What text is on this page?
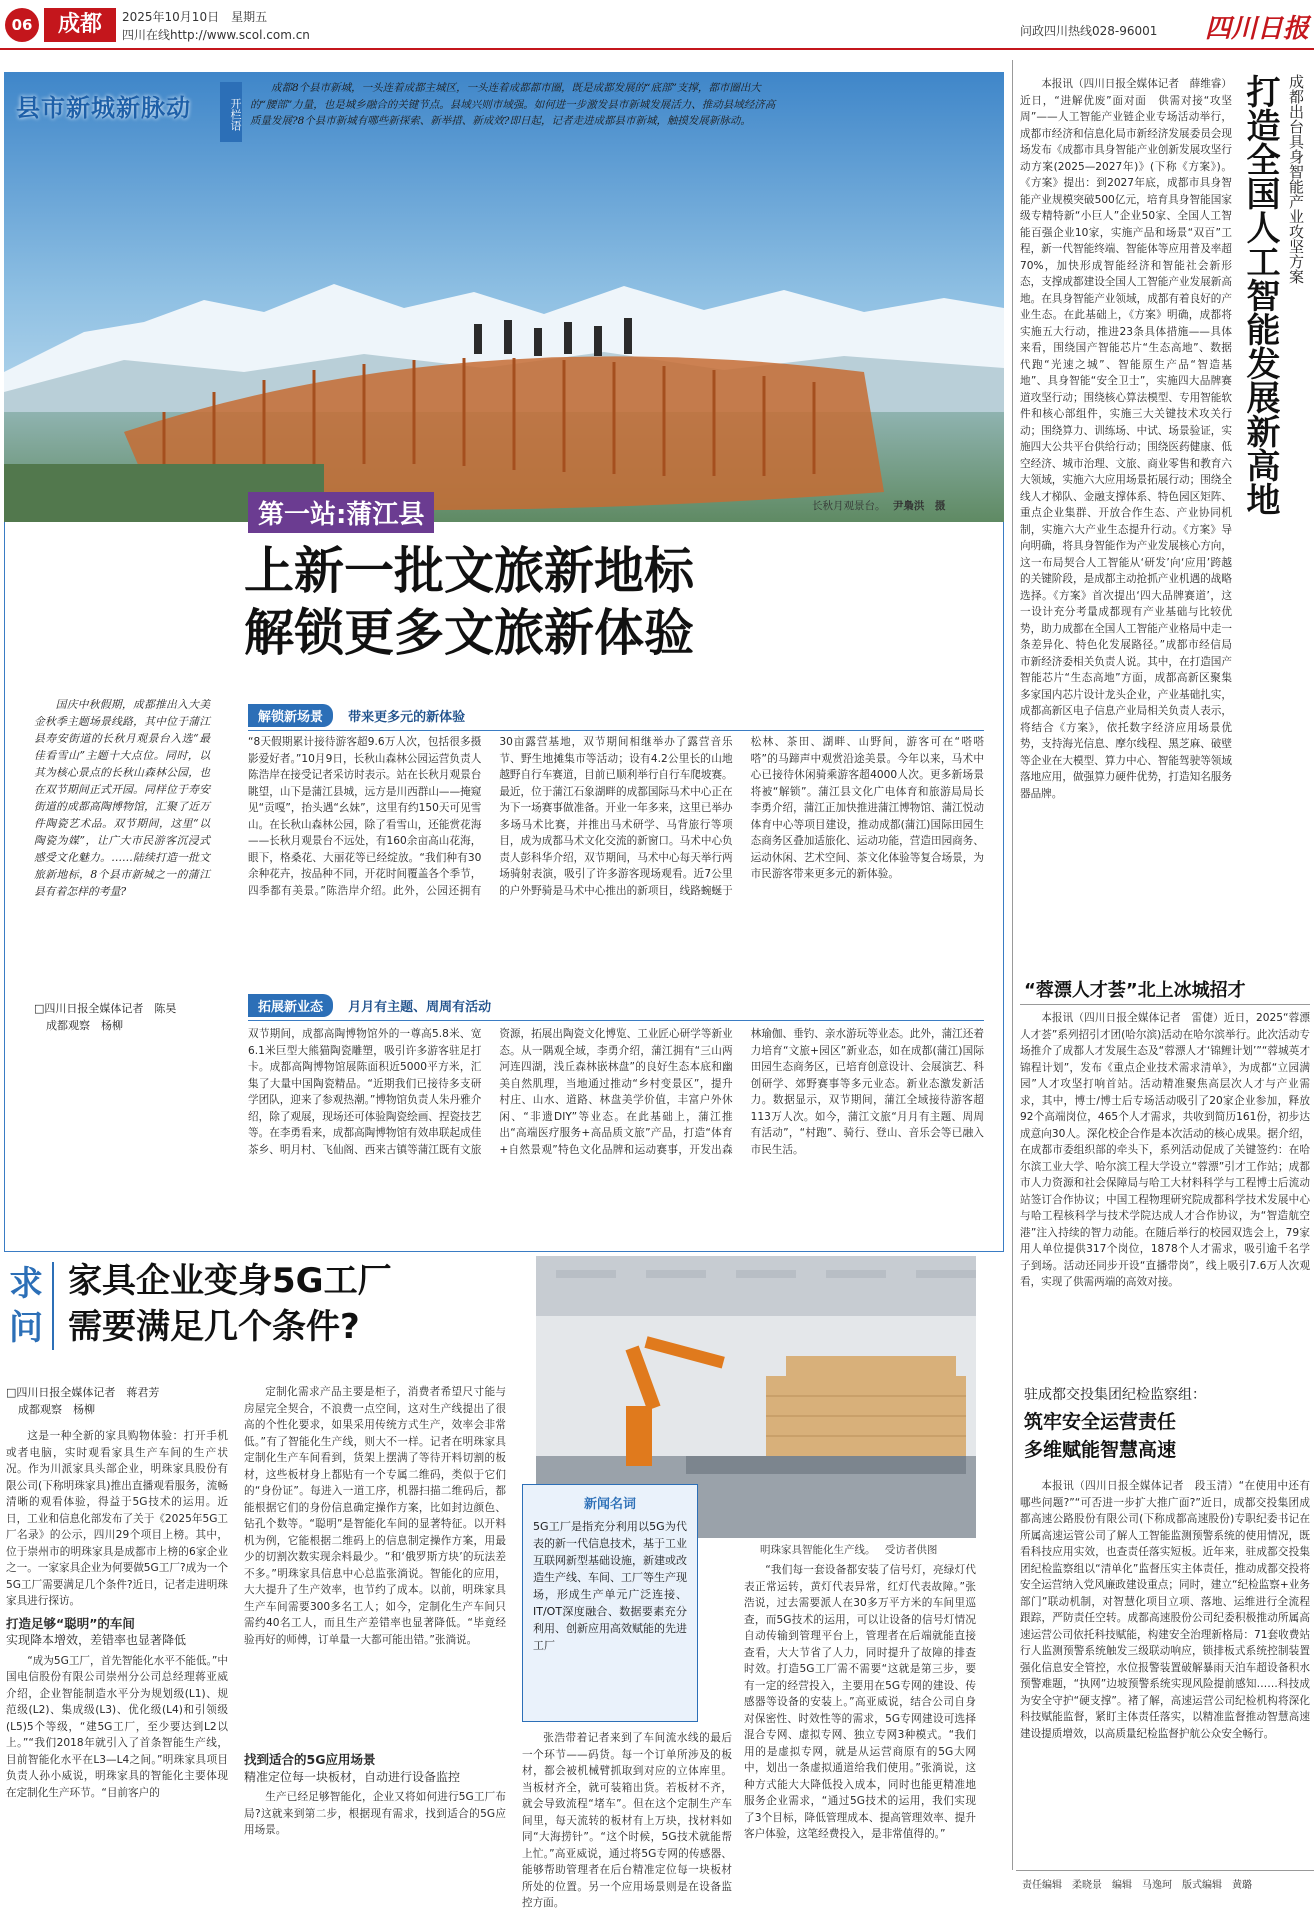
06	成都	2025年10月10日　星期五
四川在线http://www.scol.com.cn	问政四川热线028-96001 四川日报
县市新城新脉动	开栏语
成都8个县市新城，一头连着成都主城区，一头连着成都都市圈，既是成都发展的“底部”支撑，都市圈出大的“腰部”力量，也是城乡融合的关键节点。县域兴则市域强。如何进一步激发县市新城发展活力、推动县域经济高质量发展?8个县市新城有哪些新探索、新举措、新成效?即日起，记者走进成都县市新城，触摸发展新脉动。
长秋月观景台。 尹梟洪　摄
第一站:蒲江县
上新一批文旅新地标
解锁更多文旅新体验
国庆中秋假期，成都推出入大美金秋季主题场景线路，其中位于蒲江县寿安街道的长秋月观景台入选“最佳看雪山”主题十大点位。同时，以其为核心景点的长秋山森林公园，也在双节期间正式开园。同样位于寿安街道的成都高陶博物馆，汇聚了近万件陶瓷艺术品。双节期间，这里“以陶瓷为媒”，让广大市民游客沉浸式感受文化魅力。……陆续打造一批文旅新地标，8个县市新城之一的蒲江县有着怎样的考量?
□四川日报全媒体记者　陈昊
成都观察　杨柳
解锁新场景 带来更多元的新体验
“8天假期累计接待游客超9.6万人次，包括很多摄影爱好者。”10月9日，长秋山森林公园运营负责人陈浩岸在接受记者采访时表示。站在长秋月观景台眺望，山下是蒲江县城，远方是川西群山——掩窥见“贡嘎”，抬头遇“幺妹”，这里有约150天可见雪山。在长秋山森林公园，除了看雪山，还能赏花海——长秋月观景台不远处，有160余亩高山花海，眼下，格桑花、大丽花等已经绽放。“我们种有30余种花卉，按品种不同，开花时间覆盖各个季节，四季都有美景。”陈浩岸介绍。此外，公园还拥有30亩露营基地，双节期间相继举办了露营音乐节、野生地摊集市等活动；设有4.2公里长的山地越野自行车赛道，目前已顺利举行自行车爬坡赛。最近，位于蒲江石象湖畔的成都国际马术中心正在为下一场赛事做准备。开业一年多来，这里已举办多场马术比赛，并推出马术研学、马背旅行等项目，成为成都马术文化交流的新窗口。马术中心负责人彭科华介绍，双节期间，马术中心每天举行两场骑射表演，吸引了许多游客现场观看。近7公里的户外野骑是马术中心推出的新项目，线路蜿蜒于松林、茶田、湖畔、山野间，游客可在“嗒嗒嗒”的马蹄声中观赏沿途美景。今年以来，马术中心已接待休闲骑乘游客超4000人次。更多新场景将被“解锁”。蒲江县文化广电体育和旅游局局长李勇介绍，蒲江正加快推进蒲江博物馆、蒲江悦动体育中心等项目建设，推动成都(蒲江)国际田园生态商务区叠加适旅化、运动功能，营造田园商务、运动休闲、艺术空间、茶文化体验等复合场景，为市民游客带来更多元的新体验。
拓展新业态 月月有主题、周周有活动
双节期间，成都高陶博物馆外的一尊高5.8米、宽6.1米巨型大熊猫陶瓷雕塑，吸引许多游客驻足打卡。成都高陶博物馆展陈面积近5000平方米，汇集了大量中国陶瓷精品。“近期我们已接待多支研学团队，迎来了参观热潮。”博物馆负责人朱丹雅介绍，除了观展，现场还可体验陶瓷绘画、捏瓷技艺等。在李勇看来，成都高陶博物馆有效串联起成佳茶乡、明月村、飞仙阁、西来古镇等蒲江既有文旅资源，拓展出陶瓷文化博览、工业匠心研学等新业态。从一隅观全域，李勇介绍，蒲江拥有“三山两河连四湖，浅丘森林嵌林盘”的良好生态本底和幽美自然肌理，当地通过推动“乡村变景区”，提升村庄、山水、道路、林盘美学价值，丰富户外休闲、“非遗DIY”等业态。在此基础上，蒲江推出“高端医疗服务+高品质文旅”产品，打造“体育+自然景观”特色文化品牌和运动赛事，开发出森林瑜伽、垂钓、亲水游玩等业态。此外，蒲江还着力培育“文旅+园区”新业态，如在成都(蒲江)国际田园生态商务区，已培育创意设计、会展演艺、科创研学、郊野赛事等多元业态。新业态激发新活力。数据显示，双节期间，蒲江全域接待游客超113万人次。如今，蒲江文旅“月月有主题、周周有活动”，“村跑”、骑行、登山、音乐会等已融入市民生活。
求
问
家具企业变身5G工厂
需要满足几个条件?
明珠家具智能化生产线。 受访者供图
新闻名词
5G工厂是指充分利用以5G为代表的新一代信息技术，基于工业互联网新型基础设施，新建或改造生产线、车间、工厂等生产现场，形成生产单元广泛连接、IT/OT深度融合、数据要素充分利用、创新应用高效赋能的先进工厂
□四川日报全媒体记者　蒋君芳
成都观察　杨柳

这是一种全新的家具购物体验：打开手机或者电脑，实时观看家具生产车间的生产状况。作为川派家具头部企业，明珠家具股份有限公司(下称明珠家具)推出直播观看服务，流畅清晰的观看体验，得益于5G技术的运用。近日，工业和信息化部发布了关于《2025年5G工厂名录》的公示，四川29个项目上榜。其中，位于崇州市的明珠家具是成都市上榜的6家企业之一。一家家具企业为何要做5G工厂?成为一个5G工厂需要满足几个条件?近日，记者走进明珠家具进行探访。

打造足够“聪明”的车间
实现降本增效，差错率也显著降低

“成为5G工厂，首先智能化水平不能低。”中国电信股份有限公司崇州分公司总经理蒋亚威介绍，企业智能制造水平分为规划级(L1)、规范级(L2)、集成级(L3)、优化级(L4)和引领级(L5)5个等级，“建5G工厂，至少要达到L2以上。”“我们2018年就引入了首条智能生产线，目前智能化水平在L3—L4之间。”明珠家具项目负责人孙小威说，明珠家具的智能化主要体现在定制化生产环节。“目前客户的

定制化需求产品主要是柜子，消费者希望尺寸能与房屋完全契合，不浪费一点空间，这对生产线提出了很高的个性化要求，如果采用传统方式生产，效率会非常低。”有了智能化生产线，则大不一样。记者在明珠家具定制化生产车间看到，货架上摆满了等待开料切割的板材，这些板材身上都贴有一个专属二维码，类似于它们的“身份证”。每进入一道工序，机器扫描二维码后，都能根据它们的身份信息确定操作方案，比如封边颜色、钻孔个数等。“聪明”是智能化车间的显著特征。以开料机为例，它能根据二维码上的信息制定操作方案，用最少的切割次数实现余料最少。“和‘俄罗斯方块’的玩法差不多。”明珠家具信息中心总监张淌说。智能化的应用，大大提升了生产效率，也节约了成本。以前，明珠家具生产车间需要300多名工人；如今，定制化生产车间只需约40名工人，而且生产差错率也显著降低。“毕竟经验再好的师傅，订单量一大都可能出错。”张淌说。

找到适合的5G应用场景
精准定位每一块板材，自动进行设备监控

生产已经足够智能化，企业又将如何进行5G工厂布局?这就来到第二步，根据现有需求，找到适合的5G应用场景。

张浩带着记者来到了车间流水线的最后一个环节——码货。每一个订单所涉及的板材，都会被机械臂抓取到对应的立体库里。当板材齐全，就可装箱出货。若板材不齐，就会导致流程“堵车”。但在这个定制生产车间里，每天流转的板材有上万块，找材料如同“大海捞针”。“这个时候，5G技术就能帮上忙。”高亚威说，通过将5G专网的传感器、能够帮助管理者在后台精准定位每一块板材所处的位置。另一个应用场景则是在设备监控方面。

“我们每一套设备都安装了信号灯，亮绿灯代表正常运转，黄灯代表异常，红灯代表故障。”张浩说，过去需要派人在30多万平方米的车间里巡查，而5G技术的运用，可以让设备的信号灯情况自动传输到管理平台上，管理者在后端就能直接查看，大大节省了人力，同时提升了故障的排查时效。打造5G工厂需不需要“这就是第三步，要有一定的经营投入，主要用在5G专网的建设、传感器等设备的安装上。”高亚威说，结合公司自身对保密性、时效性等的需求，5G专网建设可选择混合专网、虚拟专网、独立专网3种模式。“我们用的是虚拟专网，就是从运营商原有的5G大网中，划出一条虚拟通道给我们使用。”张淌说，这种方式能大大降低投入成本，同时也能更精准地服务企业需求，“通过5G技术的运用，我们实现了3个目标，降低管理成本、提高管理效率、提升客户体验，这笔经费投入，是非常值得的。”

成都出台具身智能产业攻坚方案
打造全国人工智能发展新高地

本报讯（四川日报全媒体记者　薛维睿）近日，“进解优废”面对面　供需对接“攻坚周”——人工智能产业链企业专场活动举行，成都市经济和信息化局市新经济发展委员会现场发布《成都市具身智能产业创新发展攻坚行动方案(2025—2027年)》(下称《方案》)。《方案》提出：到2027年底，成都市具身智能产业规模突破500亿元，培育具身智能国家级专精特新“小巨人”企业50家、全国人工智能百强企业10家，实施产品和场景“双百”工程，新一代智能终端、智能体等应用普及率超70%，加快形成智能经济和智能社会新形态，支撑成都建设全国人工智能产业发展新高地。在具身智能产业领域，成都有着良好的产业生态。在此基础上，《方案》明确，成都将实施五大行动，推进23条具体措施——具体来看，围绕国产智能芯片“生态高地”、数据代跑“光速之城”、智能原生产品“智造基地”、具身智能“安全卫士”，实施四大品牌赛道攻坚行动；围绕核心算法模型、专用智能软件和核心部组件，实施三大关键技术攻关行动；围绕算力、训练场、中试、场景验证，实施四大公共平台供给行动；围绕医药健康、低空经济、城市治理、文旅、商业零售和教育六大领域，实施六大应用场景拓展行动；围绕全线人才梯队、金融支撑体系、特色园区矩阵、重点企业集群、开放合作生态、产业协同机制，实施六大产业生态提升行动。《方案》导向明确，将具身智能作为产业发展核心方向，这一布局契合人工智能从‘研发’向‘应用’跨越的关键阶段，是成都主动抢抓产业机遇的战略选择。《方案》首次提出‘四大品牌赛道’，这一设计充分考量成都现有产业基础与比较优势，助力成都在全国人工智能产业格局中走一条差异化、特色化发展路径。”成都市经信局市新经济委相关负责人说。其中，在打造国产智能芯片“生态高地”方面，成都高新区聚集多家国内芯片设计龙头企业，产业基础扎实，成都高新区电子信息产业局相关负责人表示，将结合《方案》，依托数字经济应用场景优势，支持海光信息、摩尔线程、黑芝麻、破壁等企业在大模型、算力中心、智能驾驶等领域落地应用，做强算力硬件优势，打造知名服务器品牌。

“蓉漂人才荟”北上冰城招才

本报讯（四川日报全媒体记者　雷倢）近日，2025“蓉漂人才荟”系列招引才团(哈尔滨)活动在哈尔滨举行。此次活动专场推介了成都人才发展生态及“蓉漂人才‘锦鲤计划’”“蓉城英才锦程计划”，发布《重点企业技术需求清单》，为成都“立园满园”人才攻坚打响首站。活动精准聚焦高层次人才与产业需求，其中，博士/博士后专场活动吸引了20家企业参加，释放92个高端岗位，465个人才需求，共收到简历161份，初步达成意向30人。深化校企合作是本次活动的核心成果。据介绍，在成都市委组织部的牵头下，系列活动促成了关键签约：在哈尔滨工业大学、哈尔滨工程大学设立“蓉漂”引才工作站；成都市人力资源和社会保障局与哈工大材料科学与工程博士后流动站签订合作协议；中国工程物理研究院成都科学技术发展中心与哈工程核科学与技术学院达成人才合作协议，为“智造航空港”注入持续的智力动能。在随后举行的校园双选会上，79家用人单位提供317个岗位，1878个人才需求，吸引逾千名学子到场。活动还同步开设“直播带岗”，线上吸引7.6万人次观看，实现了供需两端的高效对接。

驻成都交投集团纪检监察组：
筑牢安全运营责任
多维赋能智慧高速

本报讯（四川日报全媒体记者　段玉清）“在使用中还有哪些问题?”“可否进一步扩大推广面?”近日，成都交投集团成都高速公路股份有限公司(下称成都高速股份)专职纪委书记在所属高速运管公司了解人工智能监测预警系统的使用情况，既看科技应用实效，也查责任落实短板。近年来，驻成都交投集团纪检监察组以“清单化”监督压实主体责任，推动成都交投将安全运营纳入党风廉政建设重点；同时，建立“纪检监察+业务部门”联动机制，对智慧化项目立项、落地、运维进行全流程跟踪，严防责任空转。成都高速股份公司纪委积极推动所属高速运营公司依托科技赋能，构建安全治理新格局：71套收费站行人监测预警系统触发三级联动响应，锁排板式系统控制装置强化信息安全管控，水位报警装置破解暴雨天泊车超设备积水预警难题，“执网”边坡预警系统实现风险提前感知……科技成为安全守护“硬支撑”。褚了解，高速运营公司纪检机构将深化科技赋能监督，紧盯主体责任落实，以精准监督推动智慧高速建设提质增效，以高质量纪检监督护航公众安全畅行。

责任编辑　柔晓景　编辑　马逸珂　版式编辑　黄璐
